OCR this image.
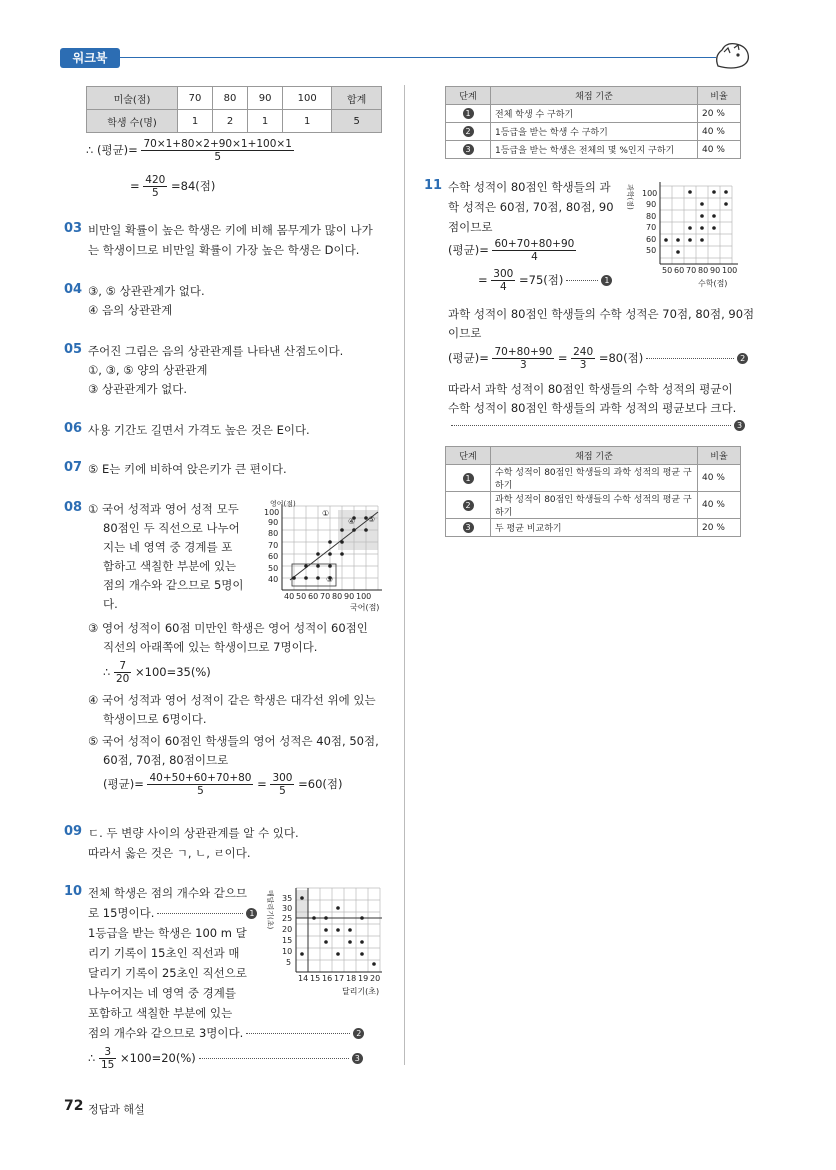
워크북
미술(점)	70	80	90	100	합계
학생 수(명)	1	2	1	1	5
∴ (평균)= $\frac{70\times 1+80\times 2+90\times 1+100\times 1}{5}$
= $\frac{420}{5} =84$(점)
03 비만일 확률이 높은 학생은 키에 비해 몸무게가 많이 나가
는 학생이므로 비만일 확률이 가장 높은 학생은 D이다.
04 ③, ⑤ 상관관계가 없다.
④ 음의 상관관계
05 주어진 그림은 음의 상관관계를 나타낸 산점도이다.
①, ③, ⑤ 양의 상관관계
③ 상관관계가 없다.
06 사용 기간도 길면서 가격도 높은 것은 E이다.
07 ⑤ E는 키에 비하여 앉은키가 큰 편이다.
08 ① 국어 성적과 영어 성적 모두
80점인 두 직선으로 나누어
지는 네 영역 중 경계를 포
함하고 색칠한 부분에 있는
점의 개수와 같으므로 5명이
다.
영어(점)
100
90
80
70
60
50
40
40 50 60 70 80 90 100
국어(점)
①
④ ⑤
③
③ 영어 성적이 60점 미만인 학생은 영어 성적이 60점인
직선의 아래쪽에 있는 학생이므로 7명이다.
∴ $\frac{7}{20} \times 100=35(\%)$
④ 국어 성적과 영어 성적이 같은 학생은 대각선 위에 있는
학생이므로 6명이다.
⑤ 국어 성적이 60점인 학생들의 영어 성적은 40점, 50점,
60점, 70점, 80점이므로
(평균)= $\frac{40+50+60+70+80}{5} = \frac{300}{5} =60$(점)
09 ㄷ. 두 변량 사이의 상관관계를 알 수 있다.
따라서 옳은 것은 ㄱ, ㄴ, ㄹ이다.
10 전체 학생은 점의 개수와 같으므
로 15명이다.	1
1등급을 받는 학생은 100 m 달
리기 기록이 15초인 직선과 매
달리기 기록이 25초인 직선으로
나누어지는 네 영역 중 경계를
포함하고 색칠한 부분에 있는
점의 개수와 같으므로 3명이다.	2
∴ $\frac{3}{15} \times 100=20(\%)$	3
매달리기(초) 35
30
25
20
15
10
5
14 15 16 17 18 19 20
달리기(초)
72 정답과 해설
단계	채점 기준	비율
1	전체 학생 수 구하기	20 %
2	1등급을 받는 학생 수 구하기	40 %
3	1등급을 받는 학생은 전체의 몇 %인지 구하기	40 %
11 수학 성적이 80점인 학생들의 과
학 성적은 60점, 70점, 80점, 90
점이므로
(평균)= $\frac{60+70+80+90}{4}$
= $\frac{300}{4} =75$(점)	1
과학(점) 100
90
80
70
60
50
50 60 70 80 90 100
수학(점)
과학 성적이 80점인 학생들의 수학 성적은 70점, 80점, 90점
이므로
(평균)= $\frac{70+80+90}{3} = \frac{240}{3} =80$(점)	2
따라서 과학 성적이 80점인 학생들의 수학 성적의 평균이
수학 성적이 80점인 학생들의 과학 성적의 평균보다 크다.
3
단계	채점 기준	비율
1	수학 성적이 80점인 학생들의 과학 성적의 평균 구하기	40 %
2	과학 성적이 80점인 학생들의 수학 성적의 평균 구하기	40 %
3	두 평균 비교하기	20 %
